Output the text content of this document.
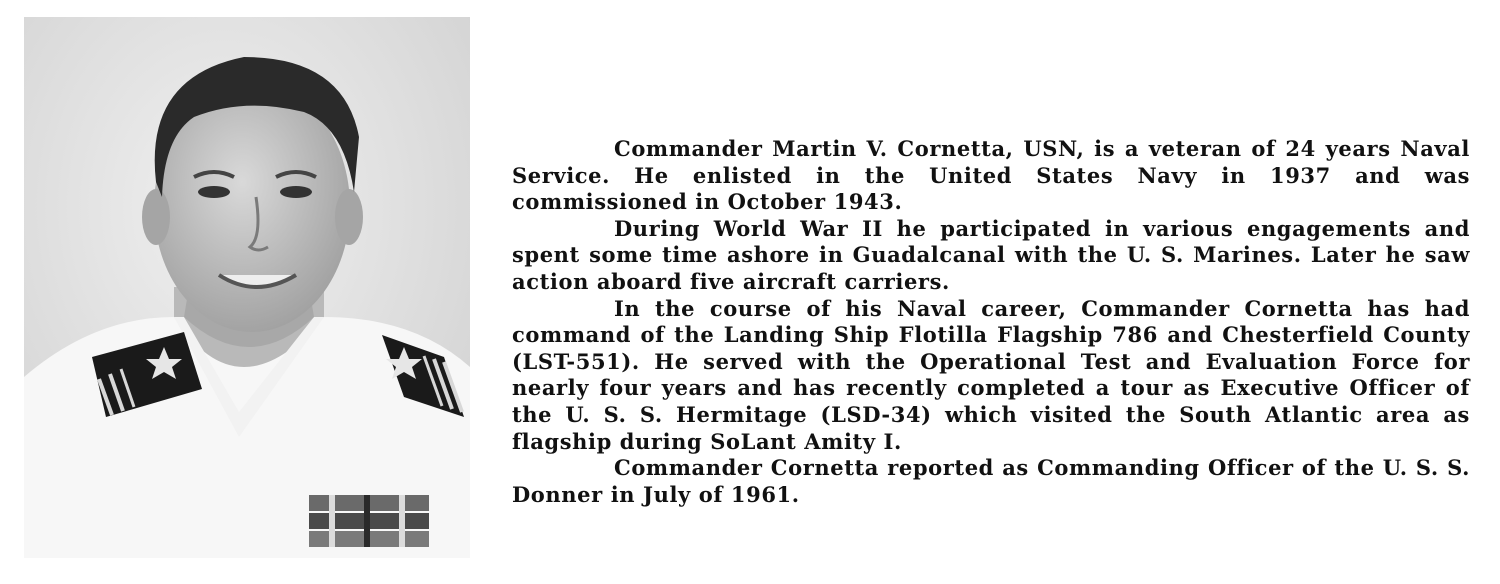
Commander Martin V. Cornetta, USN, is a veteran of 24 years Naval Service. He enlisted in the United States Navy in 1937 and was commissioned in October 1943.

During World War II he participated in various engagements and spent some time ashore in Guadalcanal with the U. S. Marines. Later he saw action aboard five aircraft carriers.

In the course of his Naval career, Commander Cornetta has had command of the Landing Ship Flotilla Flagship 786 and Chesterfield County (LST-551). He served with the Operational Test and Evaluation Force for nearly four years and has recently completed a tour as Executive Officer of the U. S. S. Hermitage (LSD-34) which visited the South Atlantic area as flagship during SoLant Amity I.

Commander Cornetta reported as Commanding Officer of the U. S. S. Donner in July of 1961.
